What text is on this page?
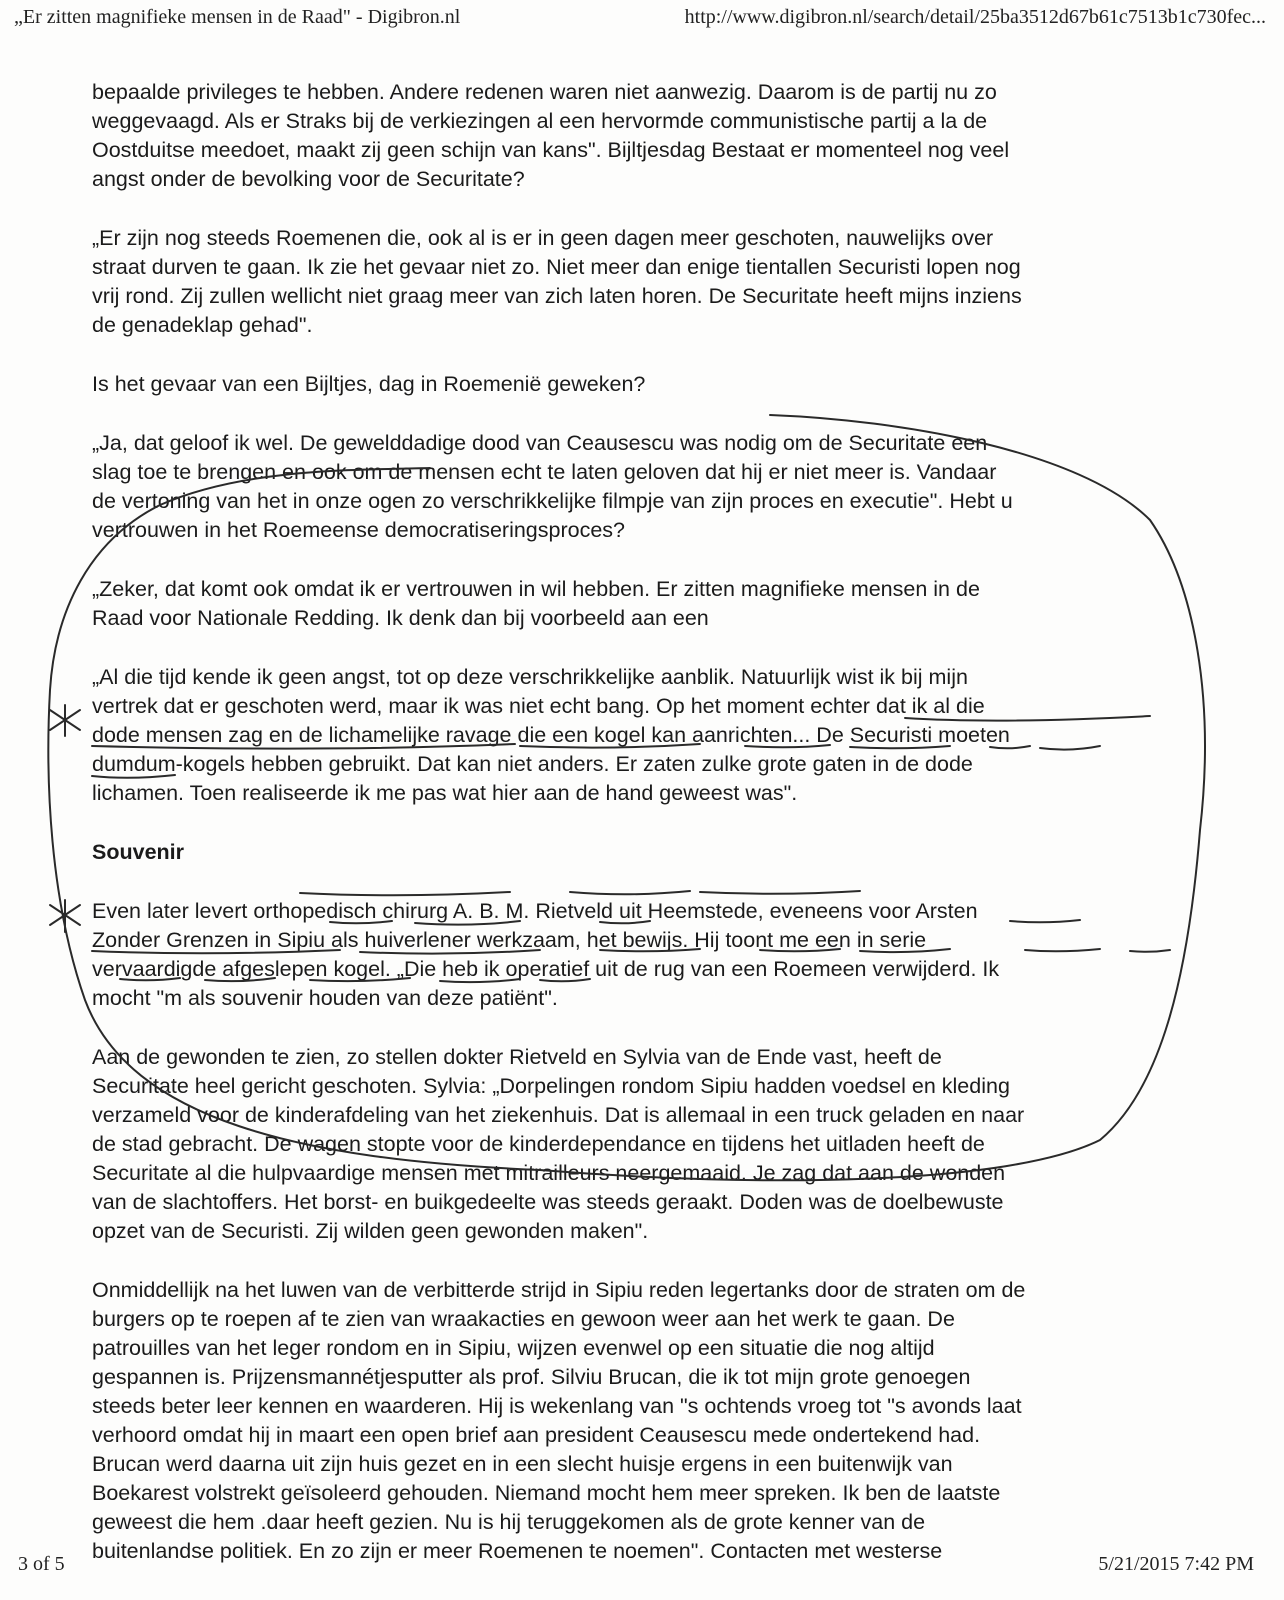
„Er zitten magnifieke mensen in de Raad" - Digibron.nl	http://www.digibron.nl/search/detail/25ba3512d67b61c7513b1c730fec...

bepaalde privileges te hebben. Andere redenen waren niet aanwezig. Daarom is de partij nu zo
weggevaagd. Als er Straks bij de verkiezingen al een hervormde communistische partij a la de
Oostduitse meedoet, maakt zij geen schijn van kans". Bijltjesdag Bestaat er momenteel nog veel
angst onder de bevolking voor de Securitate?

„Er zijn nog steeds Roemenen die, ook al is er in geen dagen meer geschoten, nauwelijks over
straat durven te gaan. Ik zie het gevaar niet zo. Niet meer dan enige tientallen Securisti lopen nog
vrij rond. Zij zullen wellicht niet graag meer van zich laten horen. De Securitate heeft mijns inziens
de genadeklap gehad".

Is het gevaar van een Bijltjes, dag in Roemenië geweken?

„Ja, dat geloof ik wel. De gewelddadige dood van Ceausescu was nodig om de Securitate een
slag toe te brengen en ook om de mensen echt te laten geloven dat hij er niet meer is. Vandaar
de vertoning van het in onze ogen zo verschrikkelijke filmpje van zijn proces en executie". Hebt u
vertrouwen in het Roemeense democratiseringsproces?

„Zeker, dat komt ook omdat ik er vertrouwen in wil hebben. Er zitten magnifieke mensen in de
Raad voor Nationale Redding. Ik denk dan bij voorbeeld aan een

„Al die tijd kende ik geen angst, tot op deze verschrikkelijke aanblik. Natuurlijk wist ik bij mijn
vertrek dat er geschoten werd, maar ik was niet echt bang. Op het moment echter dat ik al die
dode mensen zag en de lichamelijke ravage die een kogel kan aanrichten... De Securisti moeten
dumdum-kogels hebben gebruikt. Dat kan niet anders. Er zaten zulke grote gaten in de dode
lichamen. Toen realiseerde ik me pas wat hier aan de hand geweest was".

Souvenir

Even later levert orthopedisch chirurg A. B. M. Rietveld uit Heemstede, eveneens voor Arsten
Zonder Grenzen in Sipiu als huiverlener werkzaam, het bewijs. Hij toont me een in serie
vervaardigde afgeslepen kogel. „Die heb ik operatief uit de rug van een Roemeen verwijderd. Ik
mocht "m als souvenir houden van deze patiënt".

Aan de gewonden te zien, zo stellen dokter Rietveld en Sylvia van de Ende vast, heeft de
Securitate heel gericht geschoten. Sylvia: „Dorpelingen rondom Sipiu hadden voedsel en kleding
verzameld voor de kinderafdeling van het ziekenhuis. Dat is allemaal in een truck geladen en naar
de stad gebracht. De wagen stopte voor de kinderdependance en tijdens het uitladen heeft de
Securitate al die hulpvaardige mensen met mitrailleurs neergemaaid. Je zag dat aan de wonden
van de slachtoffers. Het borst- en buikgedeelte was steeds geraakt. Doden was de doelbewuste
opzet van de Securisti. Zij wilden geen gewonden maken".

Onmiddellijk na het luwen van de verbitterde strijd in Sipiu reden legertanks door de straten om de
burgers op te roepen af te zien van wraakacties en gewoon weer aan het werk te gaan. De
patrouilles van het leger rondom en in Sipiu, wijzen evenwel op een situatie die nog altijd
gespannen is. Prijzensmannétjesputter als prof. Silviu Brucan, die ik tot mijn grote genoegen
steeds beter leer kennen en waarderen. Hij is wekenlang van "s ochtends vroeg tot "s avonds laat
verhoord omdat hij in maart een open brief aan president Ceausescu mede ondertekend had.
Brucan werd daarna uit zijn huis gezet en in een slecht huisje ergens in een buitenwijk van
Boekarest volstrekt geïsoleerd gehouden. Niemand mocht hem meer spreken. Ik ben de laatste
geweest die hem .daar heeft gezien. Nu is hij teruggekomen als de grote kenner van de
buitenlandse politiek. En zo zijn er meer Roemenen te noemen". Contacten met westerse

3 of 5	5/21/2015 7:42 PM
